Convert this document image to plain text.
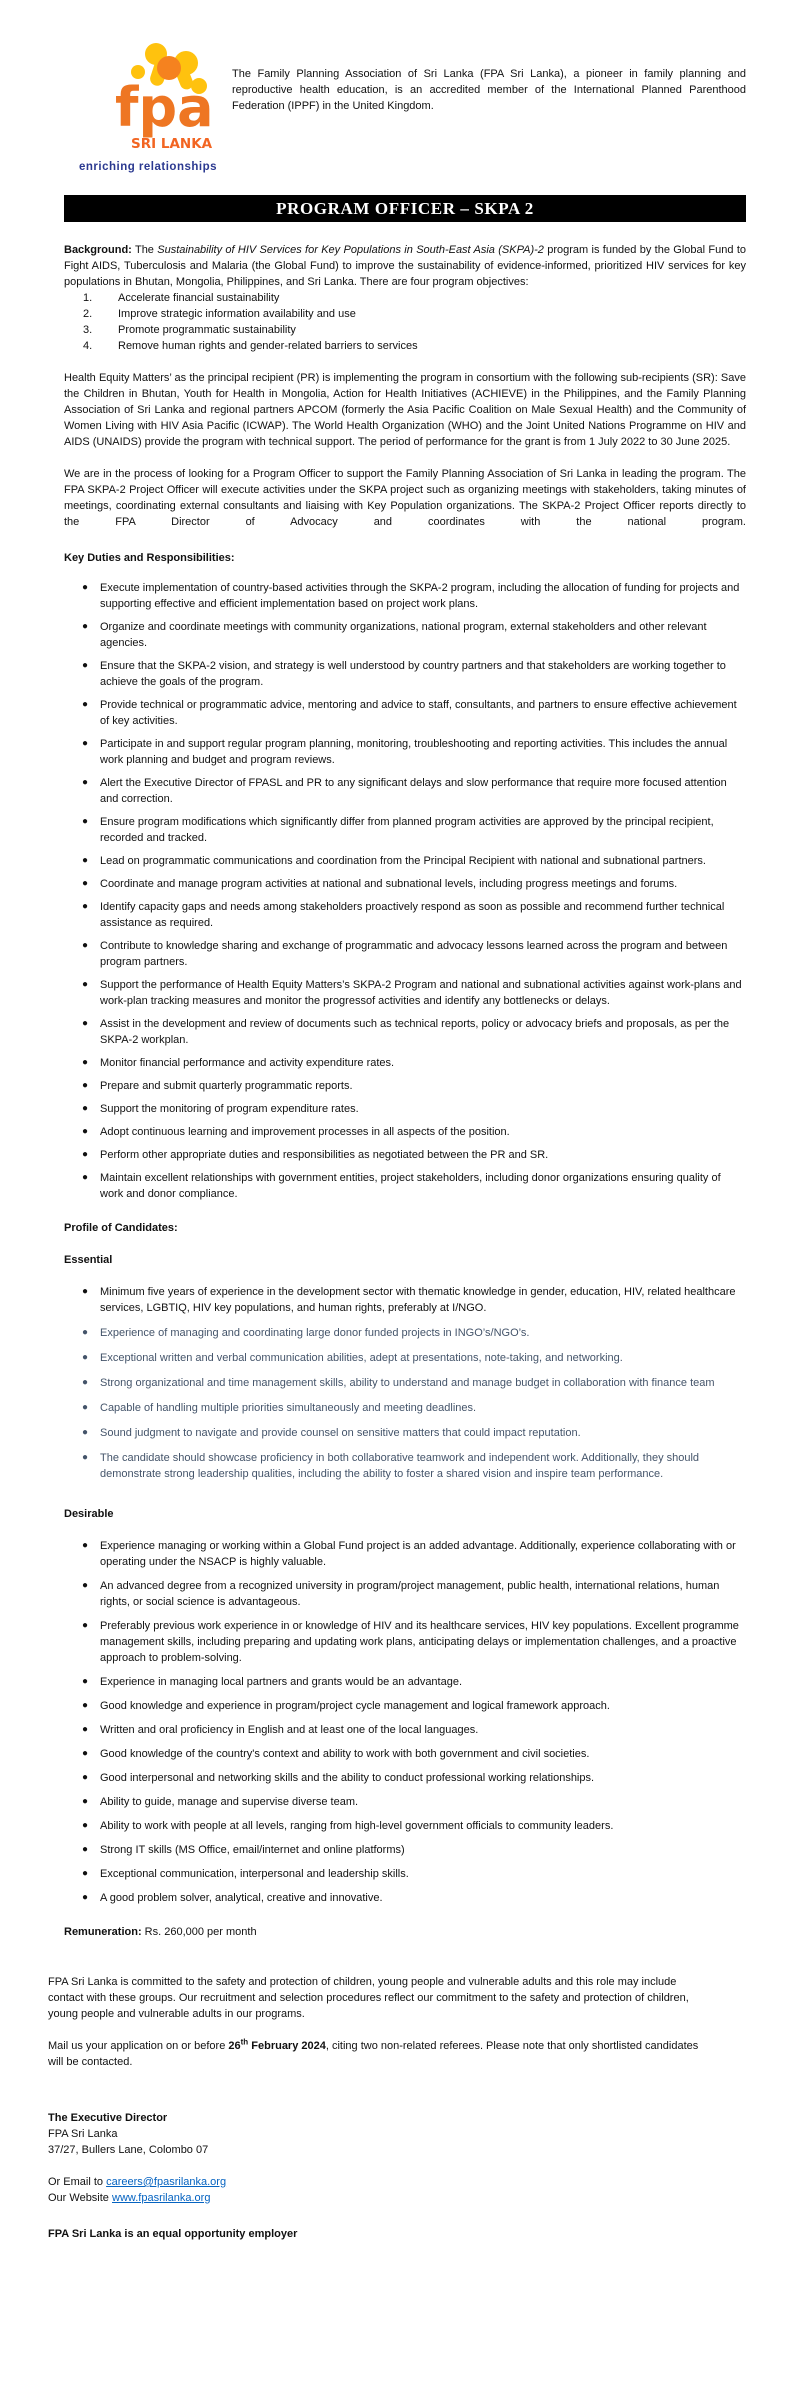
fpa
SRI LANKA
enriching relationships

The Family Planning Association of Sri Lanka (FPA Sri Lanka), a pioneer in family planning and reproductive health education, is an accredited member of the International Planned Parenthood Federation (IPPF) in the United Kingdom.

PROGRAM OFFICER – SKPA 2

Background: The Sustainability of HIV Services for Key Populations in South-East Asia (SKPA)-2 program is funded by the Global Fund to Fight AIDS, Tuberculosis and Malaria (the Global Fund) to improve the sustainability of evidence-informed, prioritized HIV services for key populations in Bhutan, Mongolia, Philippines, and Sri Lanka. There are four program objectives:

1.	Accelerate financial sustainability
2.	Improve strategic information availability and use
3.	Promote programmatic sustainability
4.	Remove human rights and gender-related barriers to services

Health Equity Matters’ as the principal recipient (PR) is implementing the program in consortium with the following sub-recipients (SR): Save the Children in Bhutan, Youth for Health in Mongolia, Action for Health Initiatives (ACHIEVE) in the Philippines, and the Family Planning Association of Sri Lanka and regional partners APCOM (formerly the Asia Pacific Coalition on Male Sexual Health) and the Community of Women Living with HIV Asia Pacific (ICWAP). The World Health Organization (WHO) and the Joint United Nations Programme on HIV and AIDS (UNAIDS) provide the program with technical support. The period of performance for the grant is from 1 July 2022 to 30 June 2025.

We are in the process of looking for a Program Officer to support the Family Planning Association of Sri Lanka in leading the program. The FPA SKPA-2 Project Officer will execute activities under the SKPA project such as organizing meetings with stakeholders, taking minutes of meetings, coordinating external consultants and liaising with Key Population organizations. The SKPA-2 Project Officer reports directly to the FPA Director of Advocacy and coordinates with the national program.

Key Duties and Responsibilities:
●	Execute implementation of country-based activities through the SKPA-2 program, including the allocation of funding for projects and supporting effective and efficient implementation based on project work plans.
●	Organize and coordinate meetings with community organizations, national program, external stakeholders and other relevant agencies.
●	Ensure that the SKPA-2 vision, and strategy is well understood by country partners and that stakeholders are working together to achieve the goals of the program.
●	Provide technical or programmatic advice, mentoring and advice to staff, consultants, and partners to ensure effective achievement of key activities.
●	Participate in and support regular program planning, monitoring, troubleshooting and reporting activities. This includes the annual work planning and budget and program reviews.
●	Alert the Executive Director of FPASL and PR to any significant delays and slow performance that require more focused attention and correction.
●	Ensure program modifications which significantly differ from planned program activities are approved by the principal recipient, recorded and tracked.
●	Lead on programmatic communications and coordination from the Principal Recipient with national and subnational partners.
●	Coordinate and manage program activities at national and subnational levels, including progress meetings and forums.
●	Identify capacity gaps and needs among stakeholders proactively respond as soon as possible and recommend further technical assistance as required.
●	Contribute to knowledge sharing and exchange of programmatic and advocacy lessons learned across the program and between program partners.
●	Support the performance of Health Equity Matters’s SKPA-2 Program and national and subnational activities against work-plans and work-plan tracking measures and monitor the progressof activities and identify any bottlenecks or delays.
●	Assist in the development and review of documents such as technical reports, policy or advocacy briefs and proposals, as per the SKPA-2 workplan.
●	Monitor financial performance and activity expenditure rates.
●	Prepare and submit quarterly programmatic reports.
●	Support the monitoring of program expenditure rates.
●	Adopt continuous learning and improvement processes in all aspects of the position.
●	Perform other appropriate duties and responsibilities as negotiated between the PR and SR.
●	Maintain excellent relationships with government entities, project stakeholders, including donor organizations ensuring quality of work and donor compliance.
Profile of Candidates:
Essential
●	Minimum five years of experience in the development sector with thematic knowledge in gender, education, HIV, related healthcare services, LGBTIQ, HIV key populations, and human rights, preferably at I/NGO.
●	Experience of managing and coordinating large donor funded projects in INGO’s/NGO’s.
●	Exceptional written and verbal communication abilities, adept at presentations, note-taking, and networking.
●	Strong organizational and time management skills, ability to understand and manage budget in collaboration with finance team
●	Capable of handling multiple priorities simultaneously and meeting deadlines.
●	Sound judgment to navigate and provide counsel on sensitive matters that could impact reputation.
●	The candidate should showcase proficiency in both collaborative teamwork and independent work. Additionally, they should demonstrate strong leadership qualities, including the ability to foster a shared vision and inspire team performance.
Desirable
●	Experience managing or working within a Global Fund project is an added advantage. Additionally, experience collaborating with or operating under the NSACP is highly valuable.
●	An advanced degree from a recognized university in program/project management, public health, international relations, human rights, or social science is advantageous.
●	Preferably previous work experience in or knowledge of HIV and its healthcare services, HIV key populations. Excellent programme management skills, including preparing and updating work plans, anticipating delays or implementation challenges, and a proactive approach to problem-solving.
●	Experience in managing local partners and grants would be an advantage.
●	Good knowledge and experience in program/project cycle management and logical framework approach.
●	Written and oral proficiency in English and at least one of the local languages.
●	Good knowledge of the country's context and ability to work with both government and civil societies.
●	Good interpersonal and networking skills and the ability to conduct professional working relationships.
●	Ability to guide, manage and supervise diverse team.
●	Ability to work with people at all levels, ranging from high-level government officials to community leaders.
●	Strong IT skills (MS Office, email/internet and online platforms)
●	Exceptional communication, interpersonal and leadership skills.
●	A good problem solver, analytical, creative and innovative.

Remuneration: Rs. 260,000 per month

FPA Sri Lanka is committed to the safety and protection of children, young people and vulnerable adults and this role may include contact with these groups. Our recruitment and selection procedures reflect our commitment to the safety and protection of children, young people and vulnerable adults in our programs.

Mail us your application on or before 26th February 2024, citing two non-related referees. Please note that only shortlisted candidates will be contacted.

The Executive Director
FPA Sri Lanka
37/27, Bullers Lane, Colombo 07
Or Email to careers@fpasrilanka.org
Our Website www.fpasrilanka.org
FPA Sri Lanka is an equal opportunity employer
